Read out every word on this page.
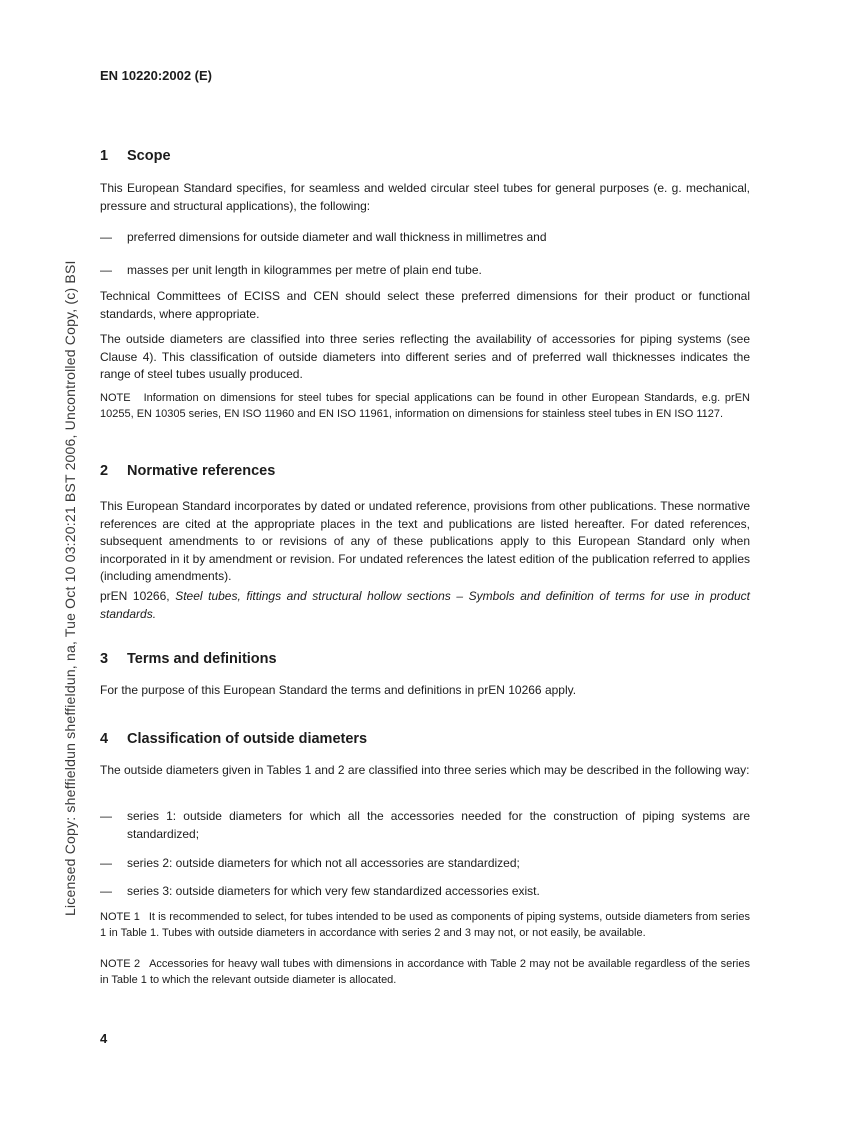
Licensed Copy: sheffieldun sheffieldun, na, Tue Oct 10 03:20:21 BST 2006, Uncontrolled Copy, (c) BSI
EN 10220:2002 (E)
1	Scope
This European Standard specifies, for seamless and welded circular steel tubes for general purposes (e. g. mechanical, pressure and structural applications), the following:
—	preferred dimensions for outside diameter and wall thickness in millimetres and
—	masses per unit length in kilogrammes per metre of plain end tube.
Technical Committees of ECISS and CEN should select these preferred dimensions for their product or functional standards, where appropriate.
The outside diameters are classified into three series reflecting the availability of accessories for piping systems (see Clause 4). This classification of outside diameters into different series and of preferred wall thicknesses indicates the range of steel tubes usually produced.
NOTE Information on dimensions for steel tubes for special applications can be found in other European Standards, e.g. prEN 10255, EN 10305 series, EN ISO 11960 and EN ISO 11961, information on dimensions for stainless steel tubes in EN ISO 1127.
2	Normative references
This European Standard incorporates by dated or undated reference, provisions from other publications. These normative references are cited at the appropriate places in the text and publications are listed hereafter. For dated references, subsequent amendments to or revisions of any of these publications apply to this European Standard only when incorporated in it by amendment or revision. For undated references the latest edition of the publication referred to applies (including amendments).
prEN 10266, Steel tubes, fittings and structural hollow sections – Symbols and definition of terms for use in product standards.
3	Terms and definitions
For the purpose of this European Standard the terms and definitions in prEN 10266 apply.
4	Classification of outside diameters
The outside diameters given in Tables 1 and 2 are classified into three series which may be described in the following way:
—	series 1: outside diameters for which all the accessories needed for the construction of piping systems are standardized;
—	series 2: outside diameters for which not all accessories are standardized;
—	series 3: outside diameters for which very few standardized accessories exist.
NOTE 1 It is recommended to select, for tubes intended to be used as components of piping systems, outside diameters from series 1 in Table 1. Tubes with outside diameters in accordance with series 2 and 3 may not, or not easily, be available.
NOTE 2 Accessories for heavy wall tubes with dimensions in accordance with Table 2 may not be available regardless of the series in Table 1 to which the relevant outside diameter is allocated.
4
